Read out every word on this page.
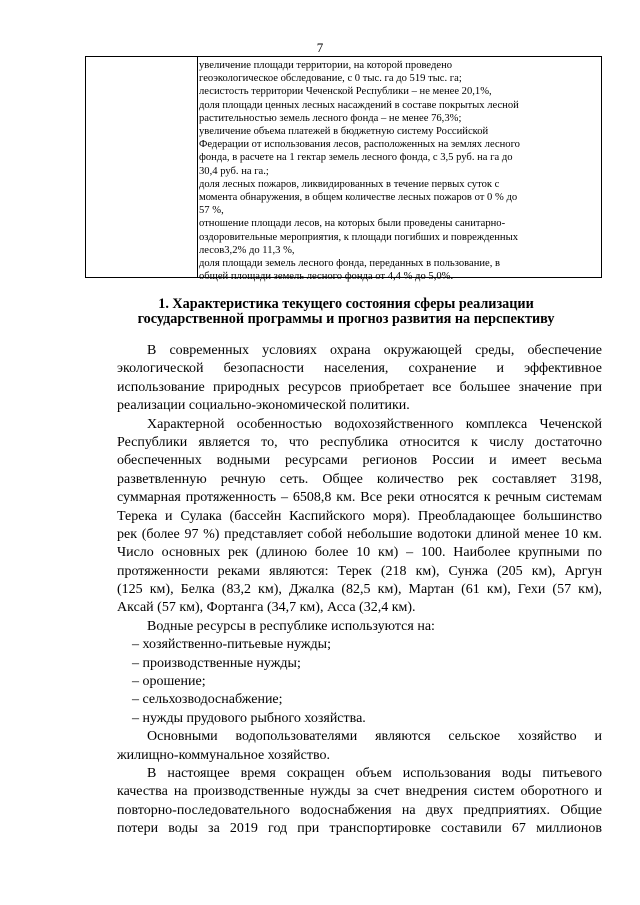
7
увеличение площади территории, на которой проведено
геоэкологическое обследование, с 0 тыс. га до 519 тыс. га;
лесистость территории Чеченской Республики – не менее 20,1%,
доля площади ценных лесных насаждений в составе покрытых лесной
растительностью земель лесного фонда – не менее 76,3%;
увеличение объема платежей в бюджетную систему Российской
Федерации от использования лесов, расположенных на землях лесного
фонда, в расчете на 1 гектар земель лесного фонда, с 3,5 руб. на га до
30,4 руб. на га.;
доля лесных пожаров, ликвидированных в течение первых суток с
момента обнаружения, в общем количестве лесных пожаров от 0 % до
57 %,
отношение площади лесов, на которых были проведены санитарно-
оздоровительные мероприятия, к площади погибших и поврежденных
лесов3,2% до 11,3 %,
доля площади земель лесного фонда, переданных в пользование, в
общей площади земель лесного фонда от 4,4 % до 5,0%.
1. Характеристика текущего состояния сферы реализации
государственной программы и прогноз развития на перспективу
В современных условиях охрана окружающей среды, обеспечение
экологической безопасности населения, сохранение и эффективное
использование природных ресурсов приобретает все большее значение при
реализации социально-экономической политики.
Характерной особенностью водохозяйственного комплекса Чеченской
Республики является то, что республика относится к числу достаточно
обеспеченных водными ресурсами регионов России и имеет весьма
разветвленную речную сеть. Общее количество рек составляет 3198,
суммарная протяженность – 6508,8 км. Все реки относятся к речным системам
Терека и Сулака (бассейн Каспийского моря). Преобладающее большинство
рек (более 97 %) представляет собой небольшие водотоки длиной менее 10 км.
Число основных рек (длиною более 10 км) – 100. Наиболее крупными по
протяженности реками являются: Терек (218 км), Сунжа (205 км), Аргун
(125 км), Белка (83,2 км), Джалка (82,5 км), Мартан (61 км), Гехи (57 км),
Аксай (57 км), Фортанга (34,7 км), Асса (32,4 км).
Водные ресурсы в республике используются на:
– хозяйственно-питьевые нужды;
– производственные нужды;
– орошение;
– сельхозводоснабжение;
– нужды прудового рыбного хозяйства.
Основными водопользователями являются сельское хозяйство и
жилищно-коммунальное хозяйство.
В настоящее время сокращен объем использования воды питьевого
качества на производственные нужды за счет внедрения систем оборотного и
повторно-последовательного водоснабжения на двух предприятиях. Общие
потери воды за 2019 год при транспортировке составили 67 миллионов
